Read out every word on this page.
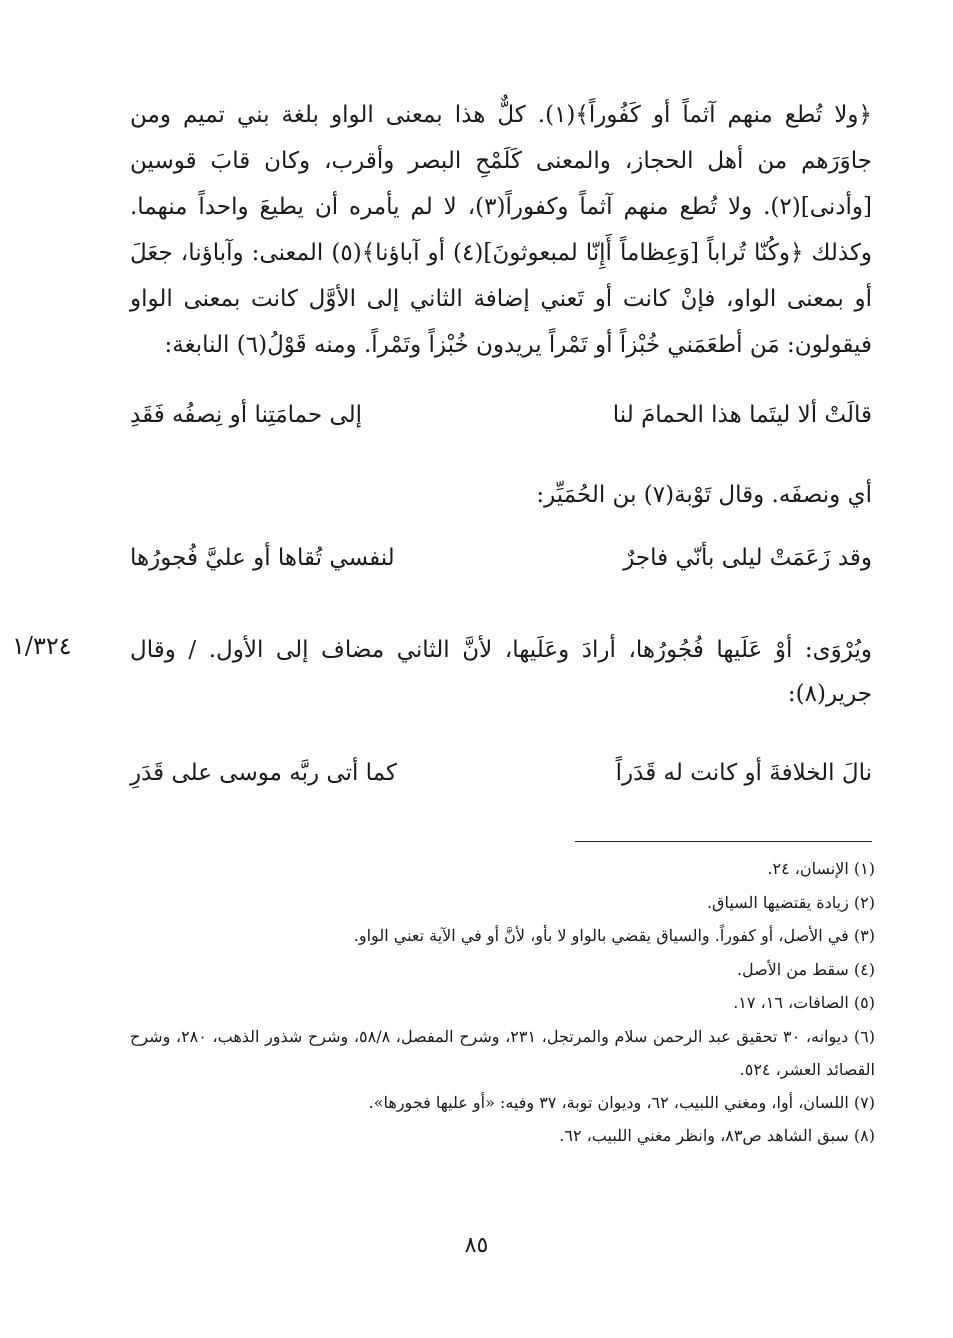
﴿ولا تُطع منهم آثماً أو كَفُوراً﴾(١). كلٌّ هذا بمعنى الواو بلغة بني تميم ومن جاوَرَهم من أهل الحجاز، والمعنى كَلَمْحِ البصر وأقرب، وكان قابَ قوسين [وأدنى](٢). ولا تُطع منهم آثماً وكفوراً(٣)، لا لم يأمره أن يطيعَ واحداً منهما. وكذلك ﴿وكُنّا تُراباً [وَعِظاماً أَإِنّا لمبعوثونَ](٤) أو آباؤنا﴾(٥) المعنى: وآباؤنا، جعَلَ أو بمعنى الواو، فإنْ كانت أو تَعني إضافة الثاني إلى الأوَّل كانت بمعنى الواو فيقولون: مَن أطعَمَني خُبْزاً أو تَمْراً يريدون خُبْزاً وتَمْراً. ومنه قَوْلُ(٦) النابغة:

قالَتْ ألا ليتَما هذا الحمامَ لنا
إلى حمامَتِنا أو نِصفُه فَقَدِ
أي ونصفَه. وقال تَوْبة(٧) بن الحُمَيِّر:
وقد زَعَمَتْ ليلى بأنّي فاجرٌ
لنفسي تُقاها أو عليَّ فُجورُها
١/٣٢٤	ويُرْوَى: أوْ عَلَيها فُجُورُها، أرادَ وعَلَيها، لأنَّ الثاني مضاف إلى الأول. / وقال جرير(٨):

نالَ الخلافةَ أو كانت له قَدَراً
كما أتى ربَّه موسى على قَدَرِ
(١) الإنسان، ٢٤.
(٢) زيادة يقتضيها السياق.
(٣) في الأصل، أو كفوراً. والسياق يقضي بالواو لا بأو، لأنَّ أو في الآية تعني الواو.
(٤) سقط من الأصل.
(٥) الصافات، ١٦، ١٧.
(٦) ديوانه، ٣٠ تحقيق عبد الرحمن سلام والمرتجل، ٢٣١، وشرح المفصل، ٥٨/٨، وشرح شذور الذهب، ٢٨٠، وشرح القصائد العشر، ٥٢٤.
(٧) اللسان، أوا، ومغني اللبيب، ٦٢، وديوان توبة، ٣٧ وفيه: «أو عليها فجورها».
(٨) سبق الشاهد ص٨٣، وانظر مغني اللبيب، ٦٢.
٨٥
